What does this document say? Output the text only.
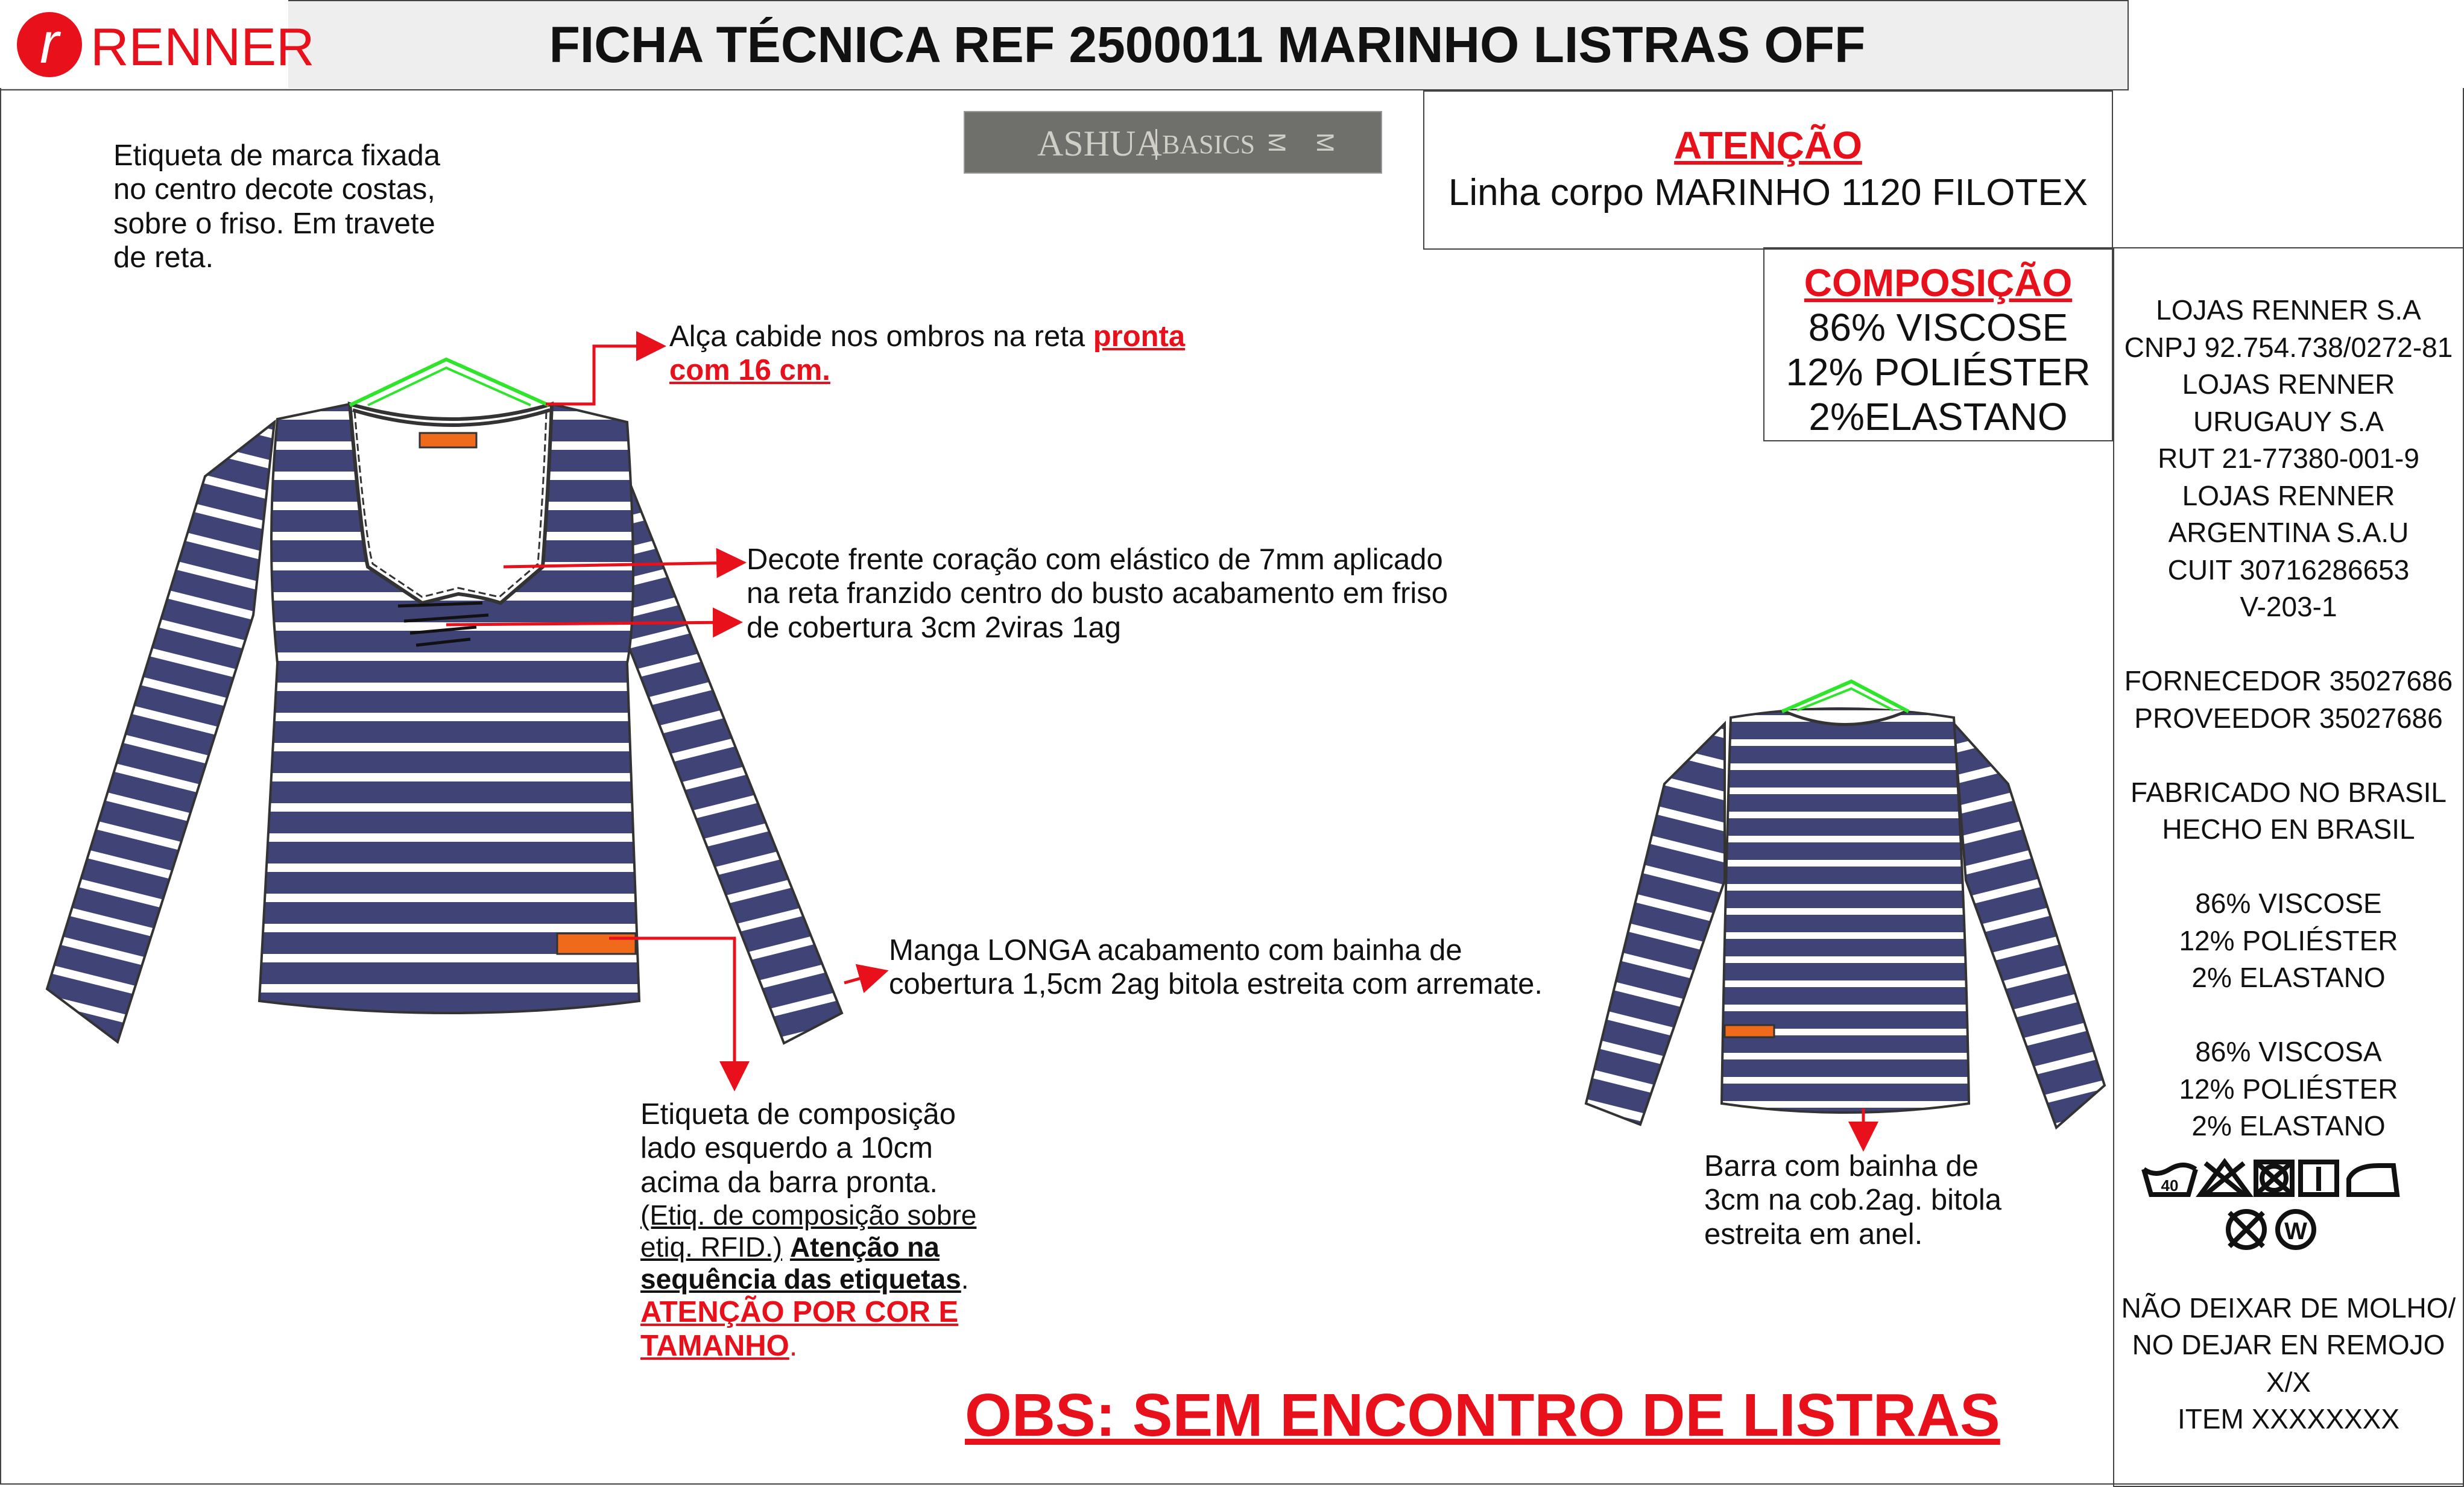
r RENNER	FICHA TÉCNICA REF 2500011 MARINHO LISTRAS OFF
ASHUA BASICS M M	ATENÇÃO
Linha corpo MARINHO 1120 FILOTEX
COMPOSIÇÃO
86% VISCOSE
12% POLIÉSTER
2%ELASTANO
LOJAS RENNER S.A
CNPJ 92.754.738/0272-81
LOJAS RENNER
URUGAUY S.A
RUT 21-77380-001-9
LOJAS RENNER
ARGENTINA S.A.U
CUIT 30716286653
V-203-1
FORNECEDOR 35027686
PROVEEDOR 35027686
FABRICADO NO BRASIL
HECHO EN BRASIL
86% VISCOSE
12% POLIÉSTER
2% ELASTANO
86% VISCOSA
12% POLIÉSTER
2% ELASTANO
40
W
NÃO DEIXAR DE MOLHO/
NO DEJAR EN REMOJO
X/X
ITEM XXXXXXXX
Etiqueta de marca fixada
no centro decote costas,
sobre o friso. Em travete
de reta.
Alça cabide nos ombros na reta pronta
com 16 cm.
Decote frente coração com elástico de 7mm aplicado
na reta franzido centro do busto acabamento em friso
de cobertura 3cm 2viras 1ag
Manga LONGA acabamento com bainha de
cobertura 1,5cm 2ag bitola estreita com arremate.
Etiqueta de composição
lado esquerdo a 10cm
acima da barra pronta.
(Etiq. de composição sobre
etiq. RFID.) Atenção na
sequência das etiquetas.
ATENÇÃO POR COR E
TAMANHO.
Barra com bainha de
3cm na cob.2ag. bitola
estreita em anel.
OBS: SEM ENCONTRO DE LISTRAS
